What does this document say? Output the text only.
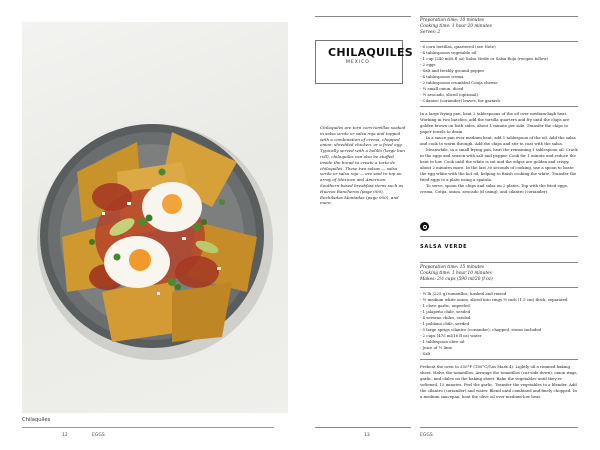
Chilaquiles
12	EGGS
CHILAQUILES
MEXICO
Chilaquiles are torn corn tortillas soaked in salsa verde or salsa roja and topped with a combination of crema, chopped onion, shredded chicken, or a fried egg. Typically served with a bolillo (large bun roll), chilaquiles can also be stuffed inside the bread to create a torta de chilaquiles. These two salsas — salsa verde or salsa roja — are said to top an array of Mexican and American Southern-based breakfast items such as Huevos Rancheros (page 000), Enchiladas Montadas (page 000), and more.
Preparation time: 10 minutes
Cooking time: 1 hour 20 minutes
Serves: 2
- 6 corn tortillas, quartered (see Note)
- 4 tablespoons vegetable oil
- 1 cup (240 ml/8 fl oz) Salsa Verde or Salsa Roja (recipes follow)
- 2 eggs
- Salt and freshly ground pepper
- 4 tablespoons crema
- 2 tablespoons crumbled Cotija cheese
- ¼ small onion, diced
- ½ avocado, sliced (optional)
- Cilantro (coriander) leaves, for garnish

In a large frying pan, heat 2 tablespoons of the oil over medium-high heat. Working in two batches, add the tortilla quarters and fry until the chips are golden brown on both sides, about 1 minute per side. Transfer the chips to paper towels to drain.

In a sauce pan over medium heat, add 1 tablespoon of the oil. Add the salsa and cook to warm through. Add the chips and stir to coat with the salsa.

Meanwhile, in a small frying pan, heat the remaining 1 tablespoon oil. Crack in the eggs and season with salt and pepper. Cook for 1 minute and reduce the heat to low. Cook until the white is set and the edges are golden and crispy, about 2 minutes more. In the last 30 seconds of cooking, use a spoon to baste the egg white with the hot oil, helping to finish cooking the white. Transfer the fried eggs to a plate using a spatula.

To serve, spoon the chips and salsa on 2 plates. Top with the fried eggs, crema, Cotija, onion, avocado (if using), and cilantro (coriander).

SALSA VERDE
Preparation time: 15 minutes
Cooking time: 1 hour 10 minutes
Makes: 2½ cups (590 ml/20 fl oz)
- ½ lb (225 g) tomatillos, husked and rinsed
- ½ medium white onion, sliced into rings ½ inch (1.5 cm) thick, separated
- 1 clove garlic, unpeeled
- 1 jalapeño chile, seeded
- 4 serrano chiles, seeded
- 1 poblano chile, seeded
- 5 large sprigs cilantro (coriander), chopped, stems included
- 2 cups (475 ml/16 fl oz) water
- 1 tablespoon olive oil
- Juice of ½ lime
- Salt

Preheat the oven to 350°F (180°C/Gas Mark 4). Lightly oil a rimmed baking sheet. Halve the tomatillos. Arrange the tomatillos (cut-side down), onion rings, garlic, and chiles on the baking sheet. Bake the vegetables until they're softened, 15 minutes. Peel the garlic. Transfer the vegetables to a blender. Add the cilantro (coriander) and water. Blend until combined and finely chopped. In a medium saucepan, heat the olive oil over medium-low heat.

13	EGGS
